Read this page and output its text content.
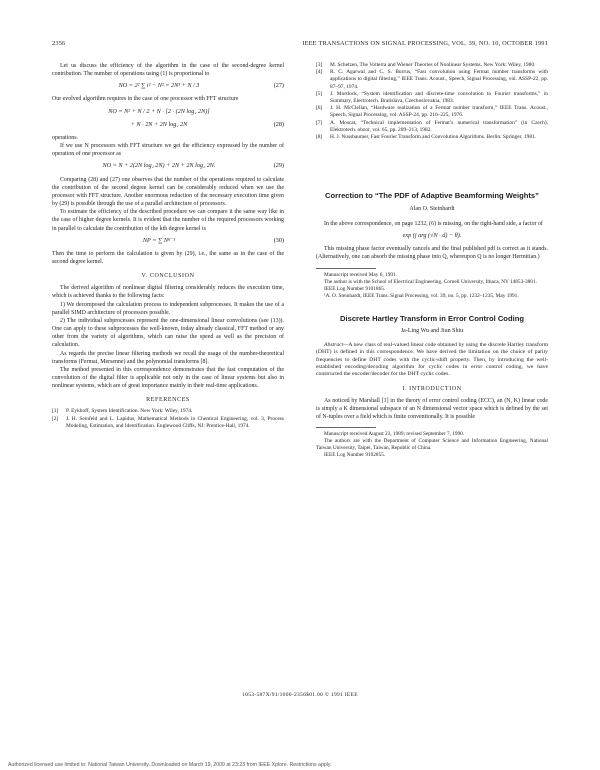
2356	IEEE TRANSACTIONS ON SIGNAL PROCESSING, VOL. 39, NO. 10, OCTOBER 1991

Let us discuss the efficiency of the algorithm in the case of the second-degree kernel contribution. The number of operations using (1) is proportional to

NO = 2² ∑ i² − N² = 2N³ + N / 3	(27)

Our evolved algorithm requires in the case of one processor with FFT structure

NO = N² + N / 2 + N · [2 · (2N log₂ 2N)]
+ N · 2N + 2N log₂ 2N	(28)

operations.

If we use N processors with FFT structure we get the efficiency expressed by the number of operation of one processor as

NO = N + 2(2N log₂ 2N) + 2N + 2N log₂ 2N.	(29)

Comparing (28) and (27) one observes that the number of the operations required to calculate the contribution of the second degree kernel can be considerably reduced when we use the processor with FFT structure. Another enormous reduction of the necessary execution time given by (29) is possible through the use of a parallel architecture of processors.

To estimate the efficiency of the described procedure we can compare it the same way like in the case of higher degree kernels. It is evident that the number of the required processors working in parallel to calculate the contribution of the kth degree kernel is

NP = ∑ Nⁿ⁻¹	(30)

Then the time to perform the calculation is given by (29), i.e., the same as in the case of the second degree kernel.

V. CONCLUSION

The derived algorithm of nonlinear digital filtering considerably reduces the execution time, which is achieved thanks to the following facts:

1) We decomposed the calculation process to independent subprocesses. It makes the use of a parallel SIMD architecture of processors possible.

2) The individual subprocesses represent the one-dimensional linear convolutions (see (13)). One can apply to these subprocesses the well-known, today already classical, FFT method or any other from the variety of algorithms, which can raise the speed as well as the precision of calculation.

As regards the precise linear filtering methods we recall the usage of the number-theoretical transforms (Fermat, Mersenne) and the polynomial transforms [8].

The method presented in this correspondence demonstrates that the fast computation of the convolution of the digital filter is applicable not only in the case of linear systems but also in nonlinear systems, which are of great importance mainly in their real-time applications.

REFERENCES
[1]	P. Eykhoff, System Identification. New York: Wiley, 1974.
[2]	J. H. Seinfeld and L. Lapidus, Mathematical Methods in Chemical Engineering, vol. 3, Process Modeling, Estimation, and Identification. Englewood Cliffs, NJ: Prentice-Hall, 1974.
[3]	M. Schetzen, The Volterra and Wiener Theories of Nonlinear Systems. New York: Wiley, 1980.
[4]	R. C. Agarwal and C. S. Burrus, “Fast convolution using Fermat number transforms with applications to digital filtering,” IEEE Trans. Acoust., Speech, Signal Processing, vol. ASSP-22, pp. 87–97, 1974.
[5]	J. Mortlock, “System identification and discrete-time convolution to Fourier transforms,” in Summary, Electrotech. Bratislava, Czechoslovakia, 1983.
[6]	J. H. McClellan, “Hardware realization of a Fermat number transform,” IEEE Trans. Acoust., Speech, Signal Processing, vol. ASSP-24, pp. 216–225, 1976.
[7]	A. Moscat, “Technical implementation of Fermat’s numerical transformation” (in Czech), Elektrotech. obzor, vol. 65, pp. 209–213, 1982.
[8]	H. J. Nussbaumer, Fast Fourier Transform and Convolution Algorithms. Berlin: Springer, 1981.
Correction to “The PDF of Adaptive Beamforming Weights”
Alan O. Steinhardt

In the above correspondence, on page 1232, (6) is missing, on the right-hand side, a factor of

exp (j arg (√N · d) − θ).

This missing phase factor eventually cancels and the final published pdf is correct as it stands. (Alternatively, one can absorb the missing phase into Q, whereupon Q is no longer Hermitian.)

Manuscript received May 6, 1991.

The author is with the School of Electrical Engineering, Cornell University, Ithaca, NY 14853-3801.

IEEE Log Number 9101865.

¹A. O. Steinhardt, IEEE Trans. Signal Processing, vol. 39, no. 5, pp. 1232–1235, May 1991.

Discrete Hartley Transform in Error Control Coding
Ja-Ling Wu and Jiun Shiu

Abstract—A new class of real-valued linear code obtained by using the discrete Hartley transform (DHT) is defined in this correspondence. We have derived the limitation on the choice of parity frequencies to define DHT codes with the cyclic-shift property. Then, by introducing the well-established encoding/decoding algorithm for cyclic codes in error control coding, we have constructed the encoder/decoder for the DHT cyclic codes.

I. INTRODUCTION

As noticed by Marshall [1] in the theory of error control coding (ECC), an (N, K) linear code is simply a K dimensional subspace of an N dimensional vector space which is defined by the set of N-tuples over a field which is finite conventionally. It is possible

Manuscript received August 23, 1989; revised September 7, 1990.

The authors are with the Department of Computer Science and Information Engineering, National Taiwan University, Taipei, Taiwan, Republic of China.

IEEE Log Number 9102855.

1053-587X/91/1000-2356$01.00 © 1991 IEEE
Authorized licensed use limited to: National Taiwan University. Downloaded on March 19, 2009 at 23:23 from IEEE Xplore. Restrictions apply.
